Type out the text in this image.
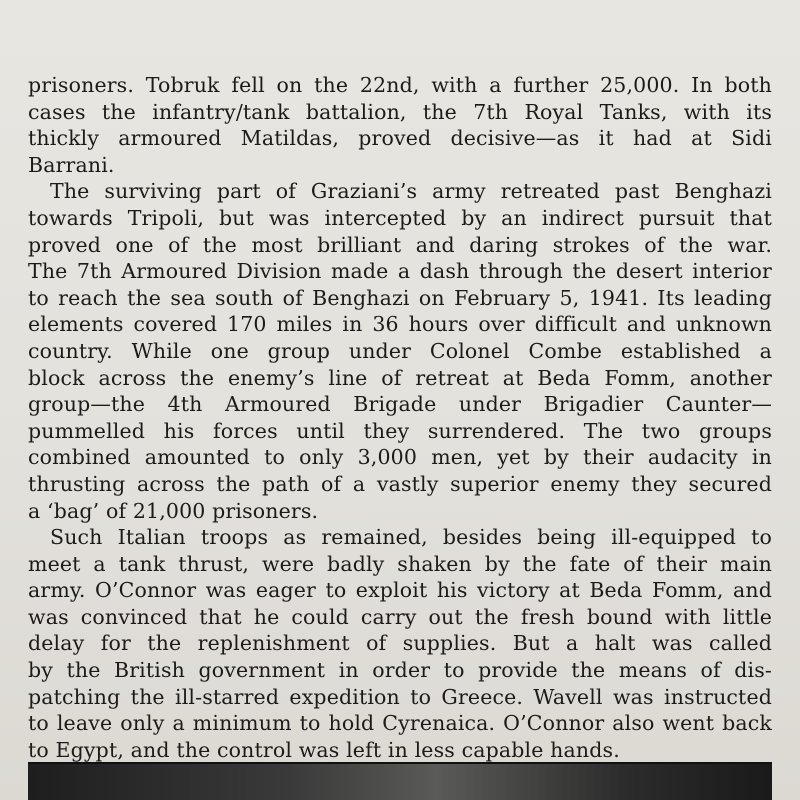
prisoners. Tobruk fell on the 22nd, with a further 25,000. In both
cases the infantry/tank battalion, the 7th Royal Tanks, with its
thickly armoured Matildas, proved decisive—as it had at Sidi
Barrani.
The surviving part of Graziani’s army retreated past Benghazi
towards Tripoli, but was intercepted by an indirect pursuit that
proved one of the most brilliant and daring strokes of the war.
The 7th Armoured Division made a dash through the desert interior
to reach the sea south of Benghazi on February 5, 1941. Its leading
elements covered 170 miles in 36 hours over difficult and unknown
country. While one group under Colonel Combe established a
block across the enemy’s line of retreat at Beda Fomm, another
group—the 4th Armoured Brigade under Brigadier Caunter—
pummelled his forces until they surrendered. The two groups
combined amounted to only 3,000 men, yet by their audacity in
thrusting across the path of a vastly superior enemy they secured
a ‘bag’ of 21,000 prisoners.
Such Italian troops as remained, besides being ill-equipped to
meet a tank thrust, were badly shaken by the fate of their main
army. O’Connor was eager to exploit his victory at Beda Fomm, and
was convinced that he could carry out the fresh bound with little
delay for the replenishment of supplies. But a halt was called
by the British government in order to provide the means of dis-
patching the ill-starred expedition to Greece. Wavell was instructed
to leave only a minimum to hold Cyrenaica. O’Connor also went back
to Egypt, and the control was left in less capable hands.
